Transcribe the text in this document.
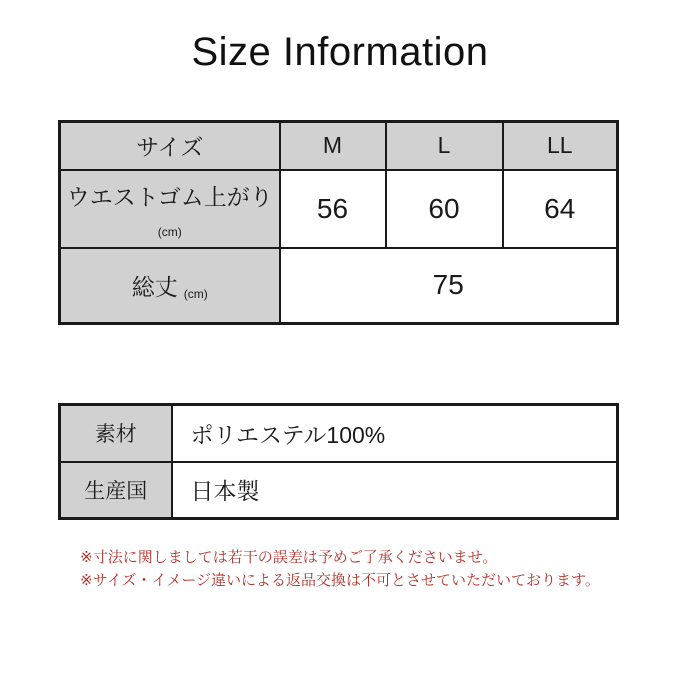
Size Information
サイズ	M	L	LL
ウエストゴム上がり(cm)	56	60	64
総丈 (cm)	75		
素材	ポリエステル100%
生産国	日本製
※寸法に関しましては若干の誤差は予めご了承くださいませ。
※サイズ・イメージ違いによる返品交換は不可とさせていただいております。
